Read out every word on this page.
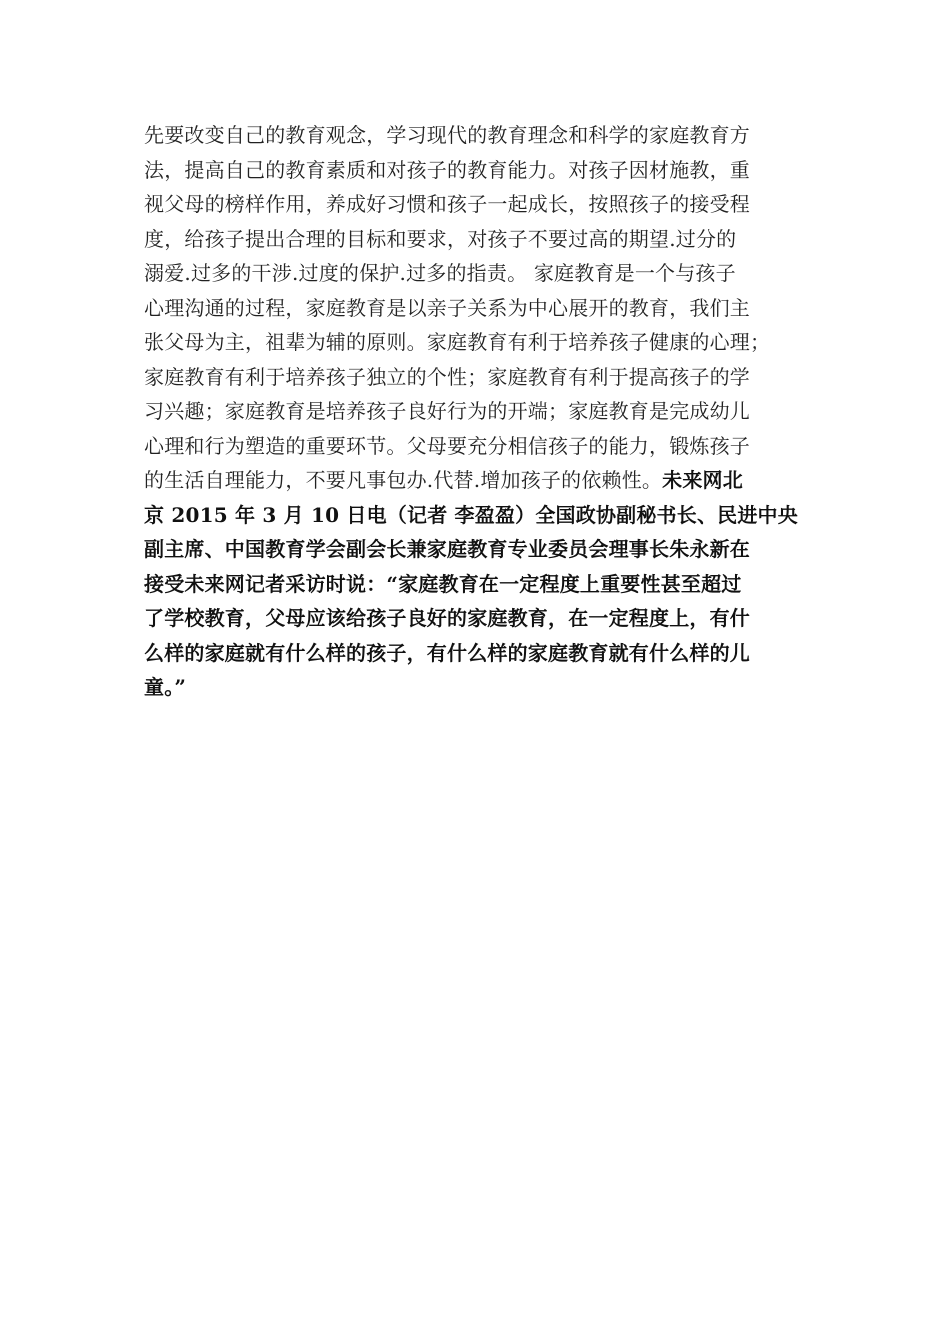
先要改变自己的教育观念，学习现代的教育理念和科学的家庭教育方
法，提高自己的教育素质和对孩子的教育能力。对孩子因材施教，重
视父母的榜样作用，养成好习惯和孩子一起成长，按照孩子的接受程
度，给孩子提出合理的目标和要求，对孩子不要过高的期望.过分的
溺爱.过多的干涉.过度的保护.过多的指责。 家庭教育是一个与孩子
心理沟通的过程，家庭教育是以亲子关系为中心展开的教育，我们主
张父母为主，祖辈为辅的原则。家庭教育有利于培养孩子健康的心理；
家庭教育有利于培养孩子独立的个性；家庭教育有利于提高孩子的学
习兴趣；家庭教育是培养孩子良好行为的开端；家庭教育是完成幼儿
心理和行为塑造的重要环节。父母要充分相信孩子的能力，锻炼孩子
的生活自理能力，不要凡事包办.代替.增加孩子的依赖性。未来网北
京 2015 年 3 月 10 日电（记者 李盈盈）全国政协副秘书长、民进中央
副主席、中国教育学会副会长兼家庭教育专业委员会理事长朱永新在
接受未来网记者采访时说：“家庭教育在一定程度上重要性甚至超过
了学校教育，父母应该给孩子良好的家庭教育，在一定程度上，有什
么样的家庭就有什么样的孩子，有什么样的家庭教育就有什么样的儿
童。”
